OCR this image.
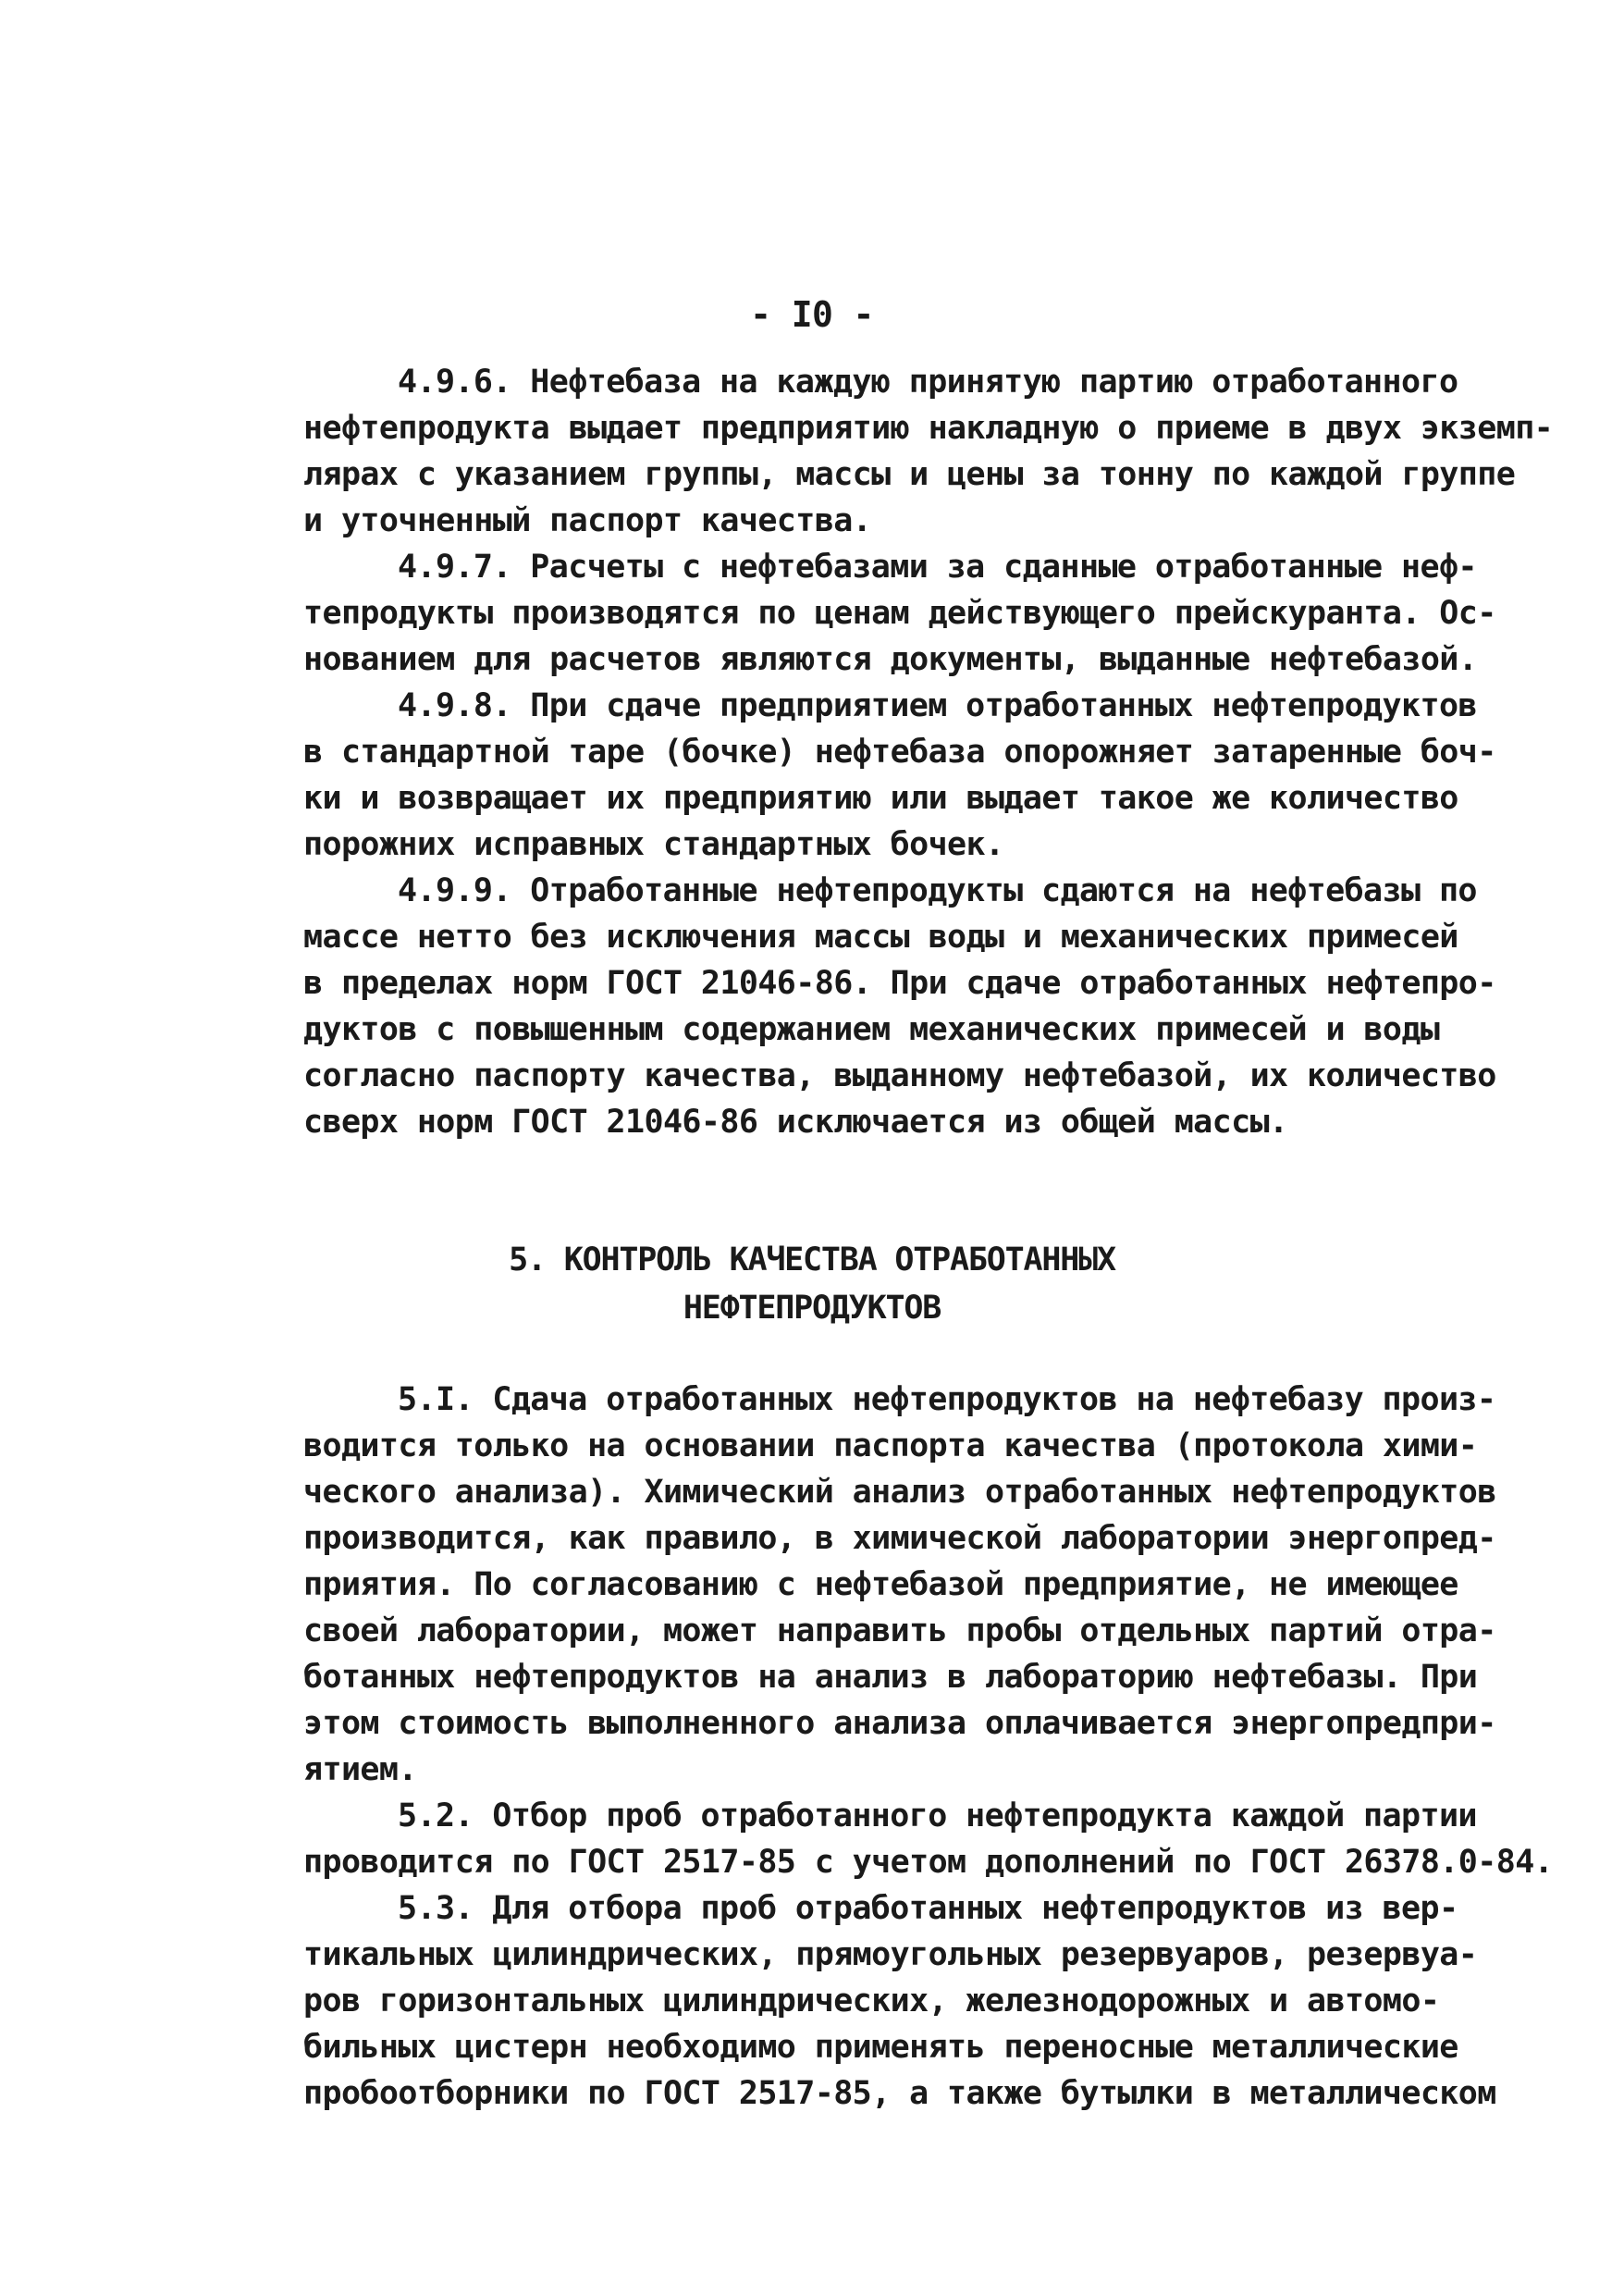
- I0 -
4.9.6. Нефтебаза на каждую принятую партию отработанного
нефтепродукта выдает предприятию накладную о приеме в двух экземп-
лярах с указанием группы, массы и цены за тонну по каждой группе
и уточненный паспорт качества.
4.9.7. Расчеты с нефтебазами за сданные отработанные неф-
тепродукты производятся по ценам действующего прейскуранта. Ос-
нованием для расчетов являются документы, выданные нефтебазой.
4.9.8. При сдаче предприятием отработанных нефтепродуктов
в стандартной таре (бочке) нефтебаза опорожняет затаренные боч-
ки и возвращает их предприятию или выдает такое же количество
порожних исправных стандартных бочек.
4.9.9. Отработанные нефтепродукты сдаются на нефтебазы по
массе нетто без исключения массы воды и механических примесей
в пределах норм ГОСТ 21046-86. При сдаче отработанных нефтепро-
дуктов с повышенным содержанием механических примесей и воды
согласно паспорту качества, выданному нефтебазой, их количество
сверх норм ГОСТ 21046-86 исключается из общей массы.
5. КОНТРОЛЬ КАЧЕСТВА ОТРАБОТАННЫХ
НЕФТЕПРОДУКТОВ
5.I. Сдача отработанных нефтепродуктов на нефтебазу произ-
водится только на основании паспорта качества (протокола хими-
ческого анализа). Химический анализ отработанных нефтепродуктов
производится, как правило, в химической лаборатории энергопред-
приятия. По согласованию с нефтебазой предприятие, не имеющее
своей лаборатории, может направить пробы отдельных партий отра-
ботанных нефтепродуктов на анализ в лабораторию нефтебазы. При
этом стоимость выполненного анализа оплачивается энергопредпри-
ятием.
5.2. Отбор проб отработанного нефтепродукта каждой партии
проводится по ГОСТ 2517-85 с учетом дополнений по ГОСТ 26378.0-84.
5.3. Для отбора проб отработанных нефтепродуктов из вер-
тикальных цилиндрических, прямоугольных резервуаров, резервуа-
ров горизонтальных цилиндрических, железнодорожных и автомо-
бильных цистерн необходимо применять переносные металлические
пробоотборники по ГОСТ 2517-85, а также бутылки в металлическом
